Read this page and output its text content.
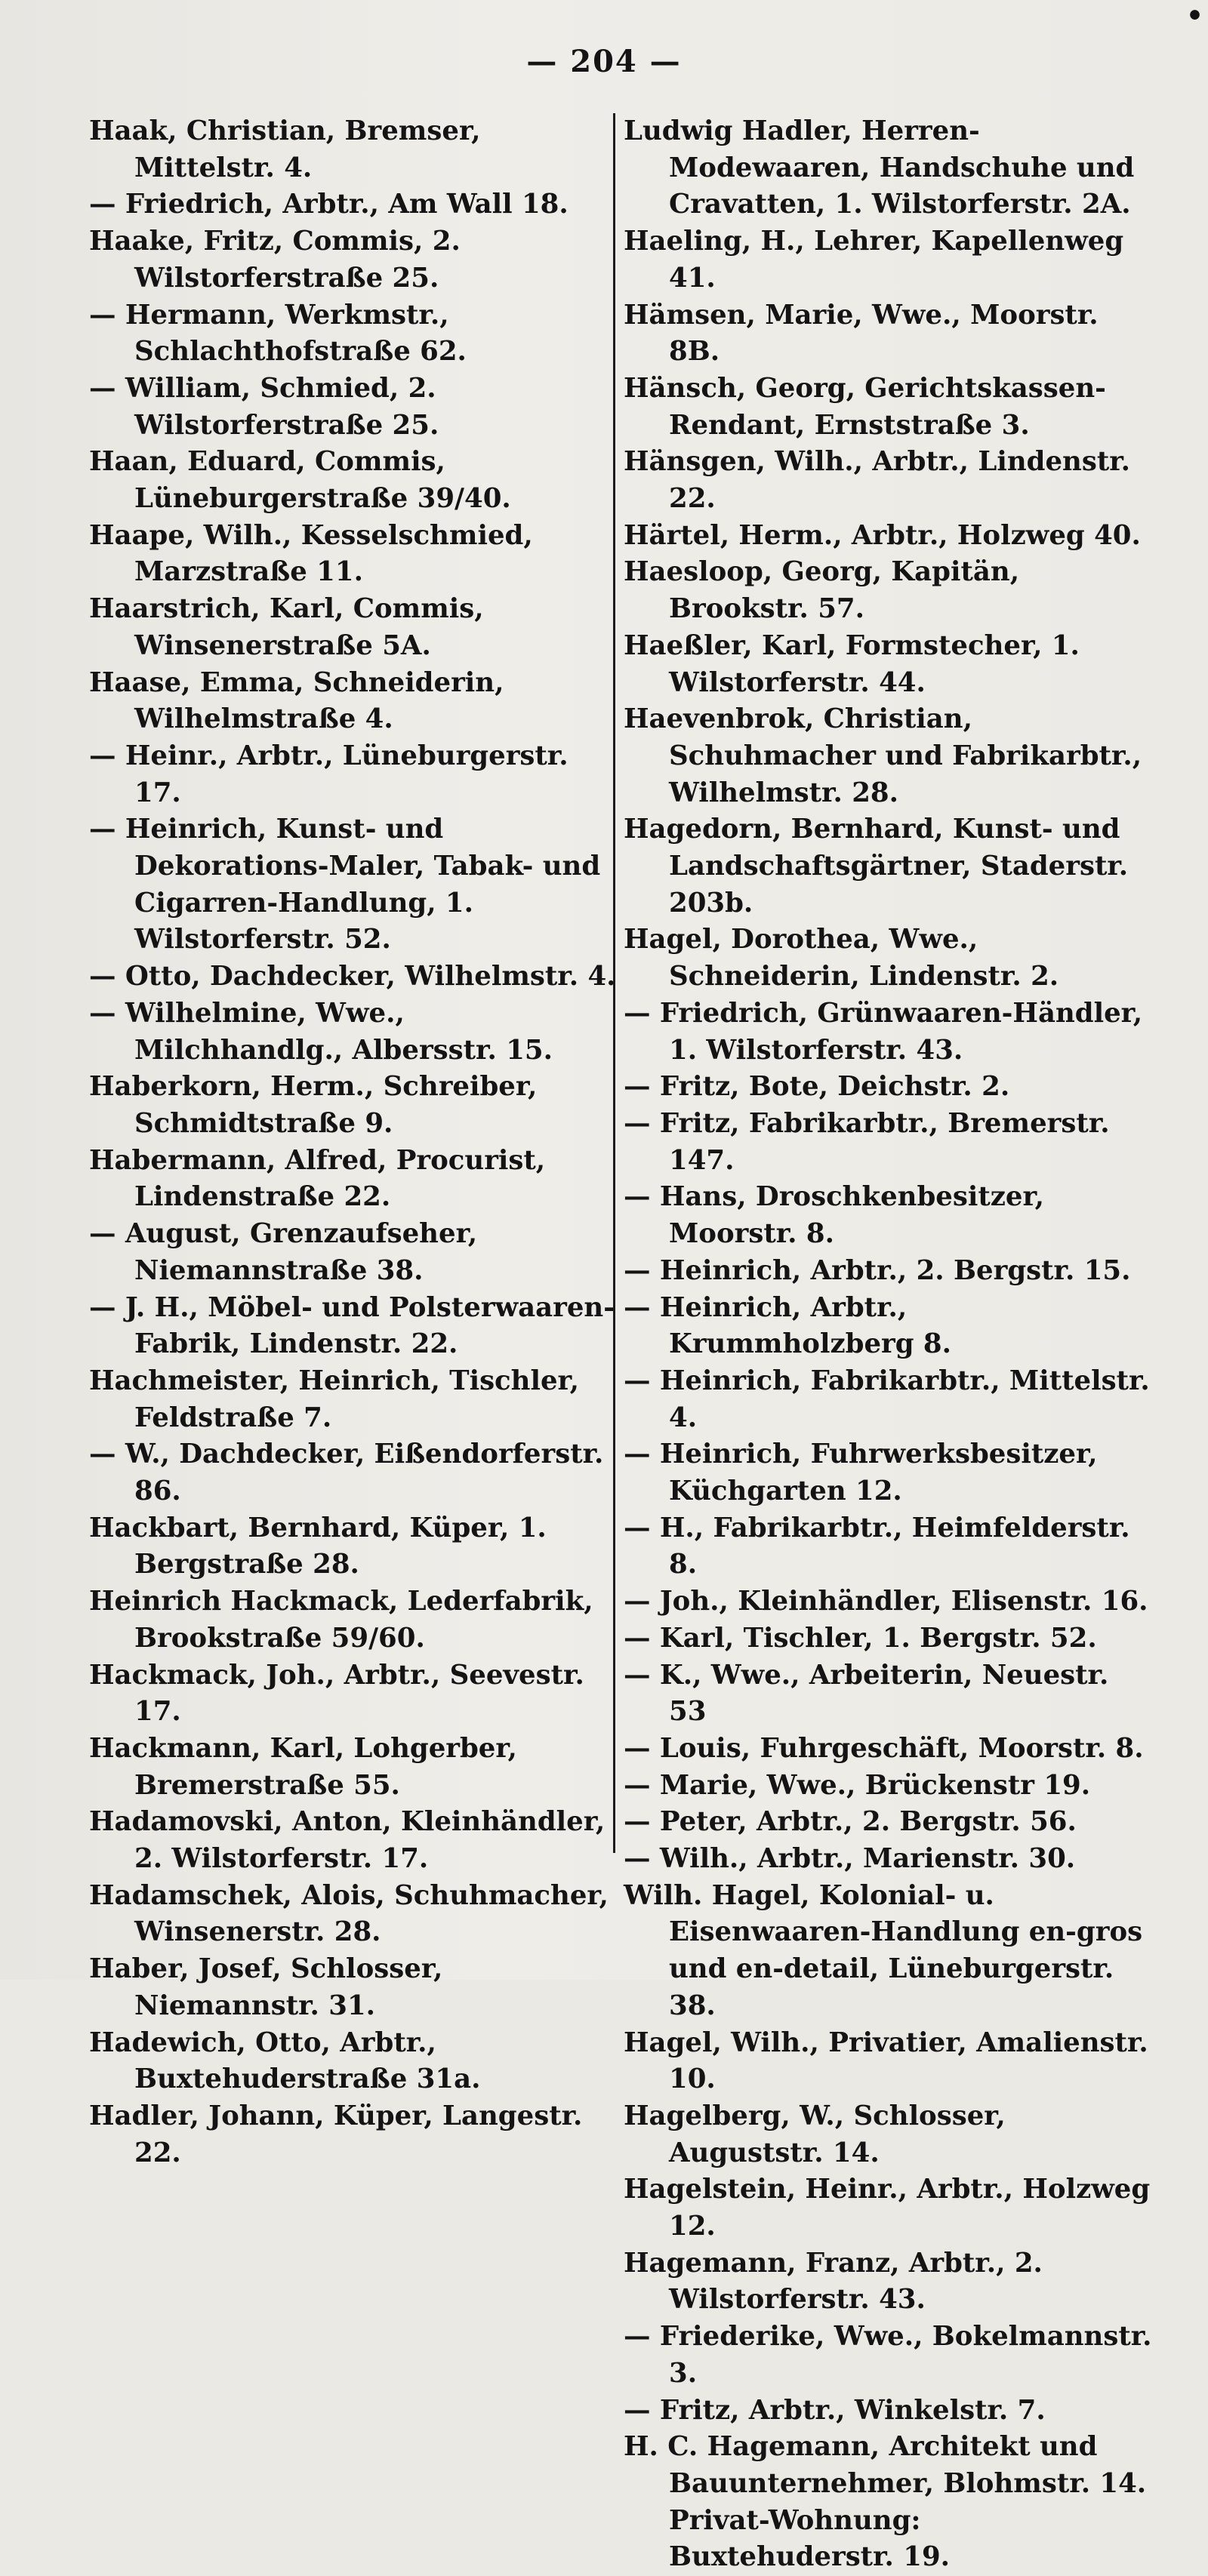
•
— 204 —

Haak, Christian, Bremser, Mittelstr. 4.

— Friedrich, Arbtr., Am Wall 18.

Haake, Fritz, Commis, 2. Wilstorferstraße 25.

— Hermann, Werkmstr., Schlachthofstraße 62.

— William, Schmied, 2. Wilstorferstraße 25.

Haan, Eduard, Commis, Lüneburgerstraße 39/40.

Haape, Wilh., Kesselschmied, Marzstraße 11.

Haarstrich, Karl, Commis, Winsenerstraße 5A.

Haase, Emma, Schneiderin, Wilhelmstraße 4.

— Heinr., Arbtr., Lüneburgerstr. 17.

— Heinrich, Kunst- und Dekorations-Maler, Tabak- und Cigarren-Handlung, 1. Wilstorferstr. 52.

— Otto, Dachdecker, Wilhelmstr. 4.

— Wilhelmine, Wwe., Milchhandlg., Albersstr. 15.

Haberkorn, Herm., Schreiber, Schmidtstraße 9.

Habermann, Alfred, Procurist, Lindenstraße 22.

— August, Grenzaufseher, Niemannstraße 38.

— J. H., Möbel- und Polsterwaaren-Fabrik, Lindenstr. 22.

Hachmeister, Heinrich, Tischler, Feldstraße 7.

— W., Dachdecker, Eißendorferstr. 86.

Hackbart, Bernhard, Küper, 1. Bergstraße 28.

Heinrich Hackmack, Lederfabrik, Brookstraße 59/60.

Hackmack, Joh., Arbtr., Seevestr. 17.

Hackmann, Karl, Lohgerber, Bremerstraße 55.

Hadamovski, Anton, Kleinhändler, 2. Wilstorferstr. 17.

Hadamschek, Alois, Schuhmacher, Winsenerstr. 28.

Haber, Josef, Schlosser, Niemannstr. 31.

Hadewich, Otto, Arbtr., Buxtehuderstraße 31a.

Hadler, Johann, Küper, Langestr. 22.

Ludwig Hadler, Herren-Modewaaren, Handschuhe und Cravatten, 1. Wilstorferstr. 2A.

Haeling, H., Lehrer, Kapellenweg 41.

Hämsen, Marie, Wwe., Moorstr. 8B.

Hänsch, Georg, Gerichtskassen-Rendant, Ernststraße 3.

Hänsgen, Wilh., Arbtr., Lindenstr. 22.

Härtel, Herm., Arbtr., Holzweg 40.

Haesloop, Georg, Kapitän, Brookstr. 57.

Haeßler, Karl, Formstecher, 1. Wilstorferstr. 44.

Haevenbrok, Christian, Schuhmacher und Fabrikarbtr., Wilhelmstr. 28.

Hagedorn, Bernhard, Kunst- und Landschaftsgärtner, Staderstr. 203b.

Hagel, Dorothea, Wwe., Schneiderin, Lindenstr. 2.

— Friedrich, Grünwaaren-Händler, 1. Wilstorferstr. 43.

— Fritz, Bote, Deichstr. 2.

— Fritz, Fabrikarbtr., Bremerstr. 147.

— Hans, Droschkenbesitzer, Moorstr. 8.

— Heinrich, Arbtr., 2. Bergstr. 15.

— Heinrich, Arbtr., Krummholzberg 8.

— Heinrich, Fabrikarbtr., Mittelstr. 4.

— Heinrich, Fuhrwerksbesitzer, Küchgarten 12.

— H., Fabrikarbtr., Heimfelderstr. 8.

— Joh., Kleinhändler, Elisenstr. 16.

— Karl, Tischler, 1. Bergstr. 52.

— K., Wwe., Arbeiterin, Neuestr. 53

— Louis, Fuhrgeschäft, Moorstr. 8.

— Marie, Wwe., Brückenstr 19.

— Peter, Arbtr., 2. Bergstr. 56.

— Wilh., Arbtr., Marienstr. 30.

Wilh. Hagel, Kolonial- u. Eisenwaaren-Handlung en-gros und en-detail, Lüneburgerstr. 38.

Hagel, Wilh., Privatier, Amalienstr. 10.

Hagelberg, W., Schlosser, Auguststr. 14.

Hagelstein, Heinr., Arbtr., Holzweg 12.

Hagemann, Franz, Arbtr., 2. Wilstorferstr. 43.

— Friederike, Wwe., Bokelmannstr. 3.

— Fritz, Arbtr., Winkelstr. 7.

H. C. Hagemann, Architekt und Bauunternehmer, Blohmstr. 14. Privat-Wohnung: Buxtehuderstr. 19.
